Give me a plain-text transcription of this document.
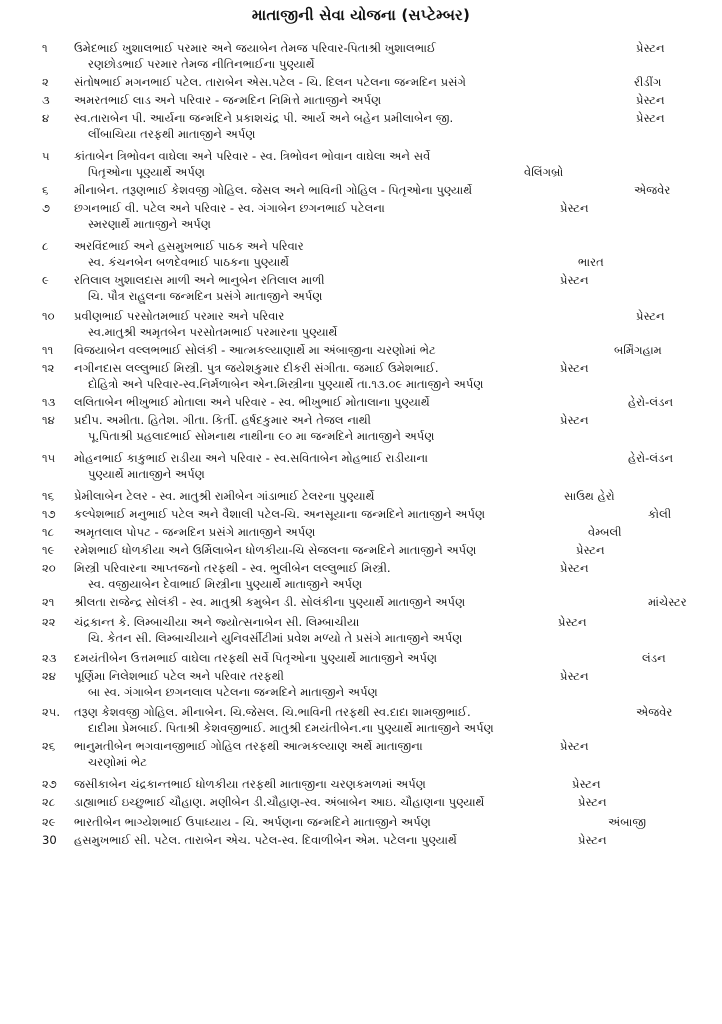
માતાજીની સેવા યોજના (સપ્ટેમ્બર)
૧	ઉમેદભાઈ ખુશાલભાઈ પરમાર અને જયાબેન તેમજ પરિવાર-પિતાશ્રી ખુશાલભાઈ	પ્રેસ્ટન
રણછોડભાઈ પરમાર તેમજ નીતિનભાઈના પુણ્યાર્થે
૨	સંતોષભાઈ મગનભાઈ પટેલ. તારાબેન એસ.પટેલ - ચિ. દિલન પટેલના જન્મદિન પ્રસંગે	રીડીંગ
૩	અમરતભાઈ લાડ અને પરિવાર - જન્મદિન નિમિત્તે માતાજીને અર્પણ	પ્રેસ્ટન
૪	સ્વ.તારાબેન પી. આર્યના જન્મદિને પ્રકાશચંદ્ર પી. આર્ય અને બહેન પ્રમીલાબેન જી.	પ્રેસ્ટન
લીંબાચિયા તરફથી માતાજીને અર્પણ
૫	કાંતાબેન ત્રિભોવન વાઘેલા અને પરિવાર - સ્વ. ત્રિભોવન ભોવાન વાઘેલા અને સર્વે
પિતૃઓના પૂણ્યાર્થે અર્પણ	વેલિંગબ્રો
૬	મીનાબેન. તરૂણભાઈ કેશવજી ગોહિલ. જેસલ અને ભાવિની ગોહિલ - પિતૃઓના પુણ્યાર્થે	એજવેર
૭	છગનભાઈ વી. પટેલ અને પરિવાર - સ્વ. ગંગાબેન છગનભાઈ પટેલના	પ્રેસ્ટન
સ્મરણાર્થે માતાજીને અર્પણ
૮	અરવિંદભાઈ અને હસમુખભાઈ પાઠક અને પરિવાર
સ્વ. કંચનબેન બળદેવભાઈ પાઠકના પુણ્યાર્થે	ભારત
૯	રતિલાલ ખુશાલદાસ માળી અને ભાનુબેન રતિલાલ માળી	પ્રેસ્ટન
ચિ. પૌત્ર રાહુલના જન્મદિન પ્રસંગે માતાજીને અર્પણ
૧૦	પ્રવીણભાઈ પરસોતમભાઈ પરમાર અને પરિવાર	પ્રેસ્ટન
સ્વ.માતુશ્રી અમૃતબેન પરસોતમભાઈ પરમારના પુણ્યાર્થે
૧૧	વિજયાબેન વલ્લભભાઈ સોલંકી - આત્મકલ્યાણાર્થે મા અંબાજીના ચરણોમાં ભેટ	બર્મિંગહામ
૧૨	નગીનદાસ લલ્લુભાઈ મિસ્ત્રી. પુત્ર જયેશકુમાર દીકરી સંગીતા. જમાઈ ઉમેશભાઈ.	પ્રેસ્ટન
દોહિત્રો અને પરિવાર-સ્વ.નિર્મળાબેન એન.મિસ્ત્રીના પુણ્યાર્થે તા.૧૩.૦૯ માતાજીને અર્પણ
૧૩	લલિતાબેન ભીખુભાઈ મોતાલા અને પરિવાર - સ્વ. ભીખુભાઈ મોતાલાના પુણ્યાર્થે	હેરો-લંડન
૧૪	પ્રદીપ. અમીતા. હિતેશ. ગીતા. કિર્તી. હર્ષદકુમાર અને તેજલ નાથી	પ્રેસ્ટન
પૂ.પિતાશ્રી પ્રહલાદભાઈ સોમનાથ નાથીના ૯૦ મા જન્મદિને માતાજીને અર્પણ
૧૫	મોહનભાઈ કાકુભાઈ રાડીયા અને પરિવાર - સ્વ.સવિતાબેન મોહભાઈ રાડીયાના	હેરો-લંડન
પુણ્યાર્થે માતાજીને અર્પણ
૧૬	પ્રેમીલાબેન ટેલર - સ્વ. માતુશ્રી રામીબેન ગાંડાભાઈ ટેલરના પુણ્યાર્થે	સાઉથ હેરો
૧૭	કલ્પેશભાઈ મનુભાઈ પટેલ અને વૈશાલી પટેલ-ચિ. અનસૂયાના જન્મદિને માતાજીને અર્પણ	કોલી
૧૮	અમૃતલાલ પોપટ - જન્મદિન પ્રસંગે માતાજીને અર્પણ	વેમ્બલી
૧૯	રમેશભાઈ ધોળકીયા અને ઉર્મિલાબેન ધોળકીયા-ચિ સેજલના જન્મદિને માતાજીને અર્પણ	પ્રેસ્ટન
૨૦	મિસ્ત્રી પરિવારના આપ્તજનો તરફથી - સ્વ. ભુલીબેન લલ્લુભાઈ મિસ્ત્રી.	પ્રેસ્ટન
સ્વ. વજીયાબેન દેવાભાઈ મિસ્ત્રીના પુણ્યાર્થે માતાજીને અર્પણ
૨૧	શ્રીલતા રાજેન્દ્ર સોલંકી - સ્વ. માતુશ્રી કમુબેન ડી. સોલંકીના પુણ્યાર્થે માતાજીને અર્પણ	માંચેસ્ટર
૨૨	ચંદ્રકાન્ત કે. લિમ્બાચીયા અને જ્યોત્સનાબેન સી. લિમ્બાચીયા	પ્રેસ્ટન
ચિ. કેતન સી. લિમ્બાચીયાને યુનિવર્સીટીમાં પ્રવેશ મળ્યો તે પ્રસંગે માતાજીને અર્પણ
૨૩	દમયંતીબેન ઉત્તમભાઈ વાઘેલા તરફથી સર્વે પિતૃઓના પુણ્યાર્થે માતાજીને અર્પણ	લંડન
૨૪	પૂર્ણિમા નિલેશભાઈ પટેલ અને પરિવાર તરફથી	પ્રેસ્ટન
બા સ્વ. ગંગાબેન છગનલાલ પટેલના જન્મદિને માતાજીને અર્પણ
૨૫.	તરૂણ કેશવજી ગોહિલ. મીનાબેન. ચિ.જેસલ. ચિ.ભાવિની તરફથી સ્વ.દાદા શામજીભાઈ.	એજવેર
દાદીમા પ્રેમબાઈ. પિતાશ્રી કેશવજીભાઈ. માતુશ્રી દમયંતીબેન.ના પુણ્યાર્થે માતાજીને અર્પણ
૨૬	ભાનુમતીબેન ભગવાનજીભાઈ ગોહિલ તરફથી આત્મકલ્યાણ અર્થે માતાજીના	પ્રેસ્ટન
ચરણોમાં ભેટ
૨૭	જસીકાબેન ચંદ્રકાન્તભાઈ ધોળકીયા તરફથી માતાજીના ચરણકમળમાં અર્પણ	પ્રેસ્ટન
૨૮	ડાહ્યાભાઈ ઇચ્છુભાઈ ચૌહાણ. મણીબેન ડી.ચૌહાણ-સ્વ. અંબાબેન આઇ. ચૌહાણના પુણ્યાર્થે	પ્રેસ્ટન
૨૯	ભારતીબેન ભાગ્યેશભાઈ ઉપાધ્યાય - ચિ. અર્પણના જન્મદિને માતાજીને અર્પણ	અંબાજી
30	હસમુખભાઈ સી. પટેલ. તારાબેન એચ. પટેલ-સ્વ. દિવાળીબેન એમ. પટેલના પુણ્યાર્થે	પ્રેસ્ટન
